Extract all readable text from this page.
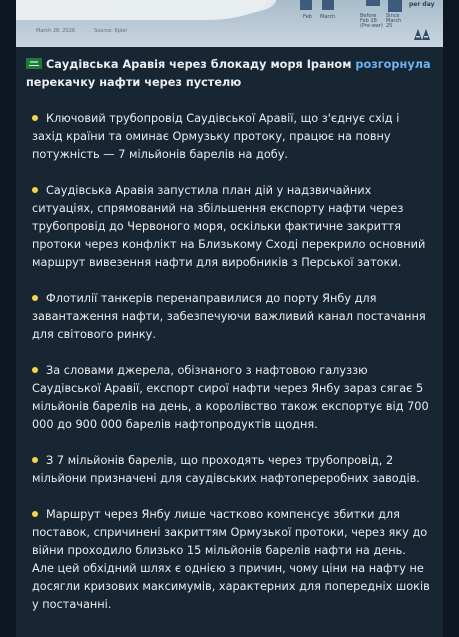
March 28, 2026	Source: Kpler
Feb March	Before Feb 28 (Pre-war)
Since March 25
per day
Саудівська Аравія через блокаду моря Іраном розгорнула перекачку нафти через пустелю
Ключовий трубопровід Саудівської Аравії, що з'єднує схід і захід країни та оминає Ормузьку протоку, працює на повну потужність — 7 мільйонів барелів на добу.
Саудівська Аравія запустила план дій у надзвичайних ситуаціях, спрямований на збільшення експорту нафти через трубопровід до Червоного моря, оскільки фактичне закриття протоки через конфлікт на Близькому Сході перекрило основний маршрут вивезення нафти для виробників з Перської затоки.
Флотилії танкерів перенаправилися до порту Янбу для завантаження нафти, забезпечуючи важливий канал постачання для світового ринку.
За словами джерела, обізнаного з нафтовою галуззю Саудівської Аравії, експорт сирої нафти через Янбу зараз сягає 5 мільйонів барелів на день, а королівство також експортує від 700 000 до 900 000 барелів нафтопродуктів щодня.
З 7 мільйонів барелів, що проходять через трубопровід, 2 мільйони призначені для саудівських нафтопереробних заводів.
Маршрут через Янбу лише частково компенсує збитки для поставок, спричинені закриттям Ормузької протоки, через яку до війни проходило близько 15 мільйонів барелів нафти на день. Але цей обхідний шлях є однією з причин, чому ціни на нафту не досягли кризових максимумів, характерних для попередніх шоків у постачанні.
